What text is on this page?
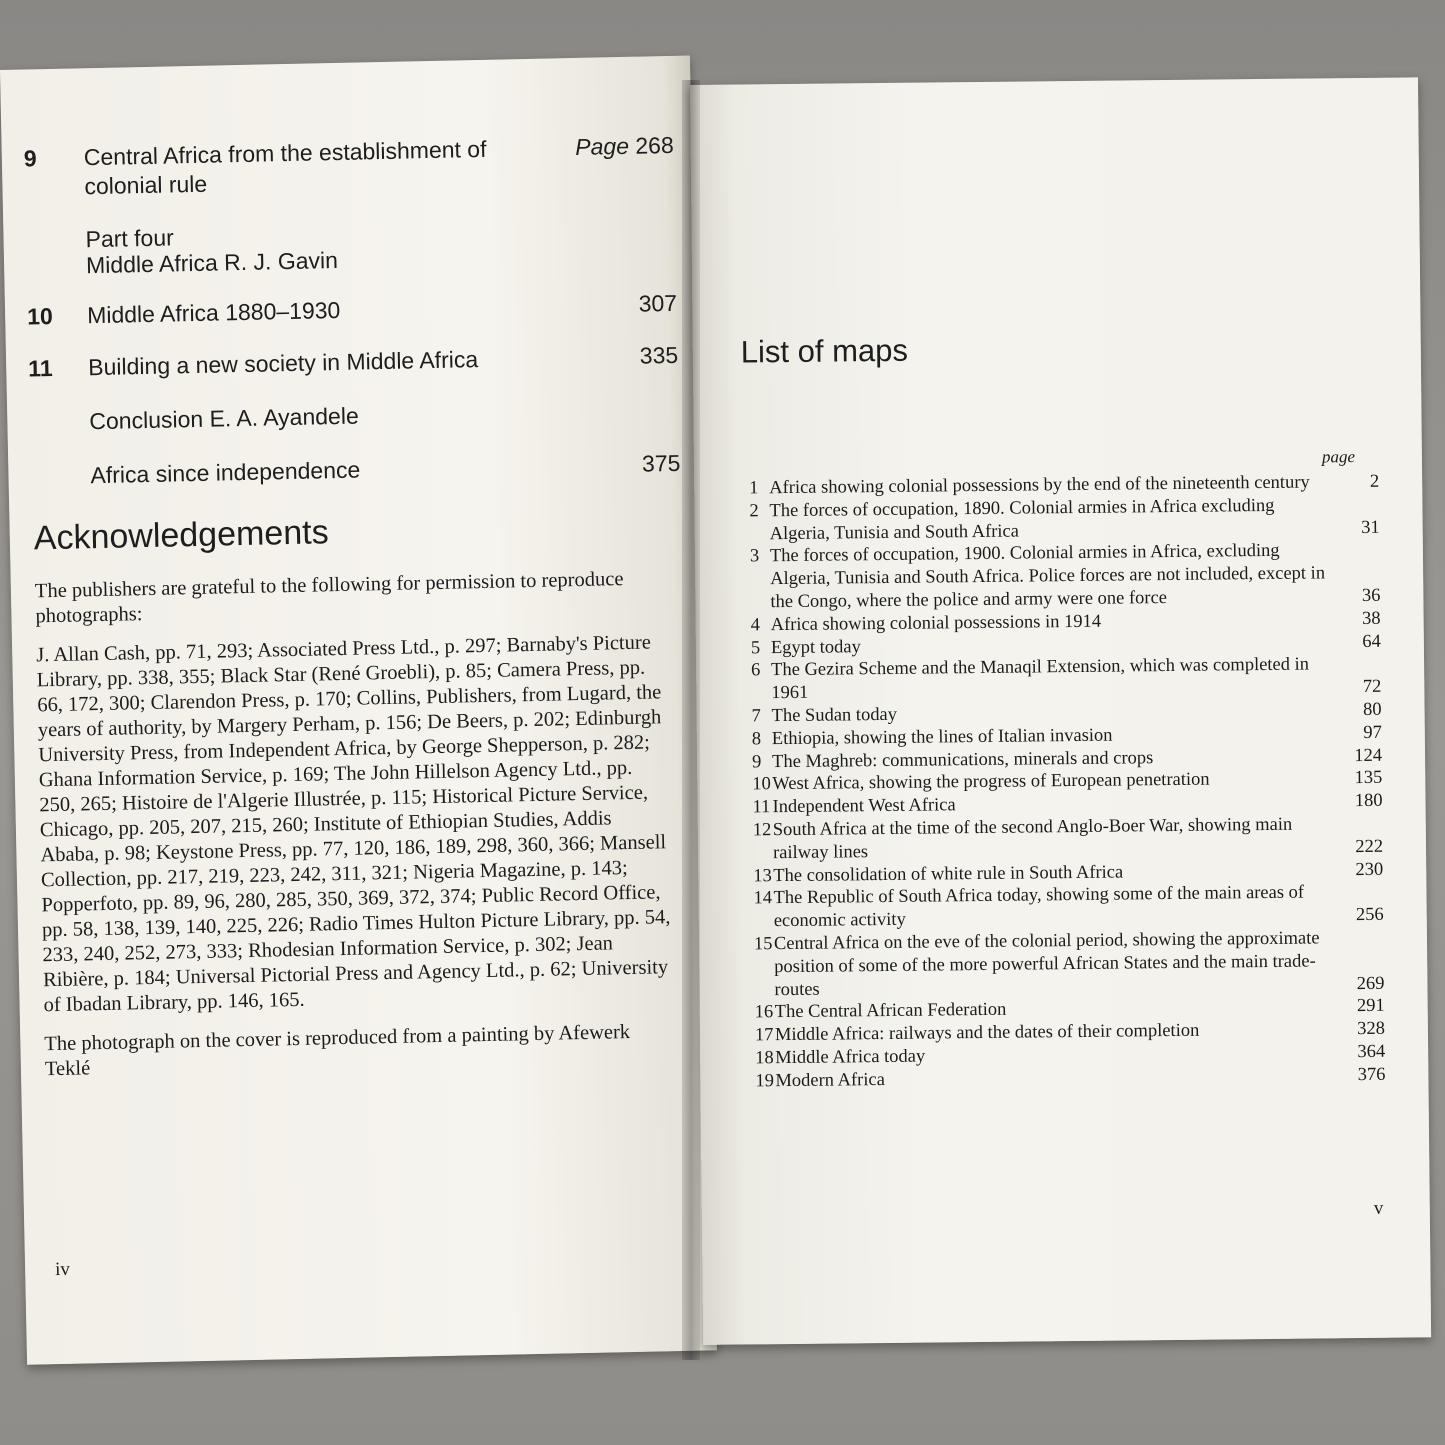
9	Central Africa from the establishment of colonial rule
Page 268
Part four
Middle Africa R. J. Gavin
10	Middle Africa 1880–1930	307
11	Building a new society in Middle Africa	335
Conclusion E. A. Ayandele
Africa since independence	375
Acknowledgements

The publishers are grateful to the following for permission to reproduce photographs:

J. Allan Cash, pp. 71, 293; Associated Press Ltd., p. 297; Barnaby's Picture Library, pp. 338, 355; Black Star (René Groebli), p. 85; Camera Press, pp. 66, 172, 300; Clarendon Press, p. 170; Collins, Publishers, from Lugard, the years of authority, by Margery Perham, p. 156; De Beers, p. 202; Edinburgh University Press, from Independent Africa, by George Shepperson, p. 282; Ghana Information Service, p. 169; The John Hillelson Agency Ltd., pp. 250, 265; Histoire de l'Algerie Illustrée, p. 115; Historical Picture Service, Chicago, pp. 205, 207, 215, 260; Institute of Ethiopian Studies, Addis Ababa, p. 98; Keystone Press, pp. 77, 120, 186, 189, 298, 360, 366; Mansell Collection, pp. 217, 219, 223, 242, 311, 321; Nigeria Magazine, p. 143; Popperfoto, pp. 89, 96, 280, 285, 350, 369, 372, 374; Public Record Office, pp. 58, 138, 139, 140, 225, 226; Radio Times Hulton Picture Library, pp. 54, 233, 240, 252, 273, 333; Rhodesian Information Service, p. 302; Jean Ribière, p. 184; Universal Pictorial Press and Agency Ltd., p. 62; University of Ibadan Library, pp. 146, 165.

The photograph on the cover is reproduced from a painting by Afewerk Teklé

iv
List of maps
page
1 Africa showing colonial possessions by the end of the nineteenth century	2
2 The forces of occupation, 1890. Colonial armies in Africa excluding Algeria, Tunisia and South Africa	31
3 The forces of occupation, 1900. Colonial armies in Africa, excluding Algeria, Tunisia and South Africa. Police forces are not included, except in the Congo, where the police and army were one force	36
4 Africa showing colonial possessions in 1914	38
5 Egypt today	64
6 The Gezira Scheme and the Manaqil Extension, which was completed in 1961	72
7 The Sudan today	80
8 Ethiopia, showing the lines of Italian invasion	97
9 The Maghreb: communications, minerals and crops	124
10 West Africa, showing the progress of European penetration	135
11 Independent West Africa	180
12 South Africa at the time of the second Anglo-Boer War, showing main railway lines	222
13 The consolidation of white rule in South Africa	230
14 The Republic of South Africa today, showing some of the main areas of economic activity	256
15 Central Africa on the eve of the colonial period, showing the approximate position of some of the more powerful African States and the main trade-routes	269
16 The Central African Federation	291
17 Middle Africa: railways and the dates of their completion	328
18 Middle Africa today	364
19 Modern Africa	376
v
